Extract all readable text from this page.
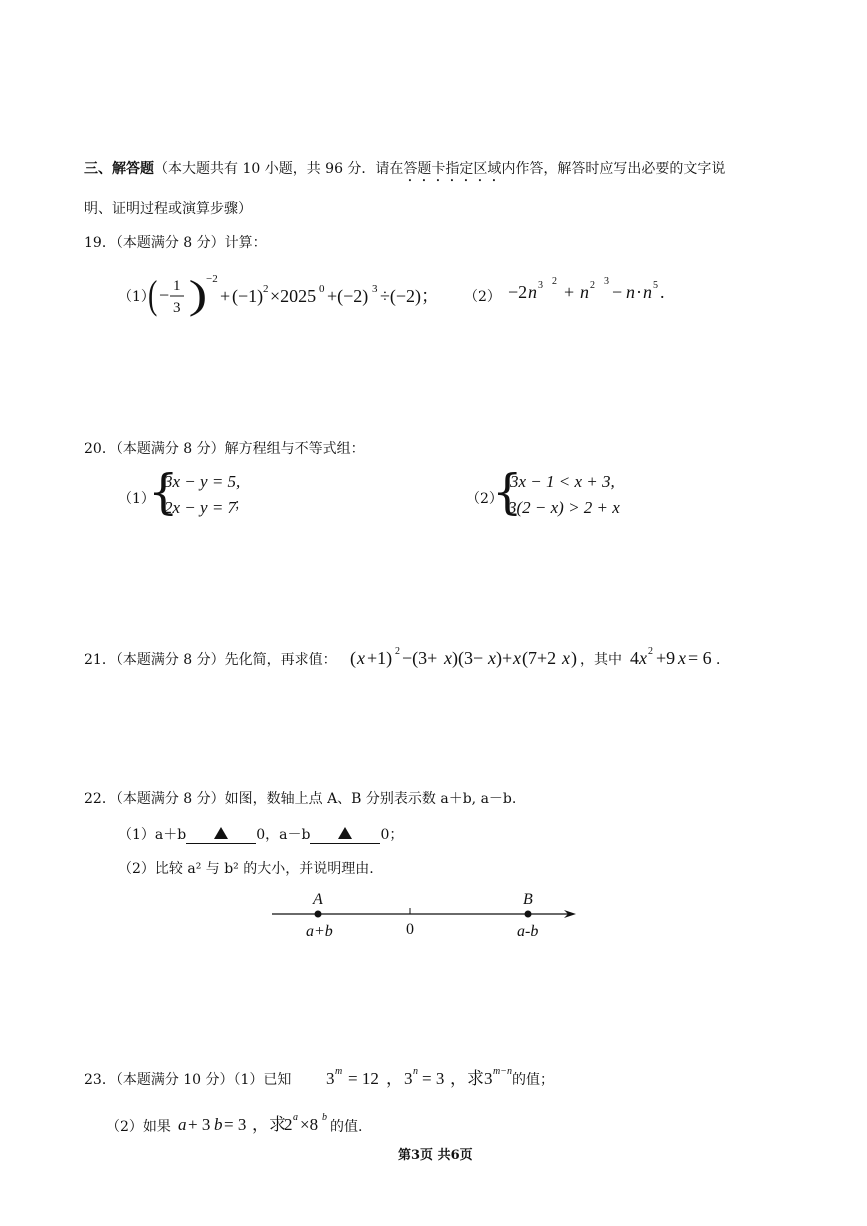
三、解答题（本大题共有 10 小题，共 96 分．请在答题卡指定区域内作答，解答时应写出必要的文字说
明、证明过程或演算步骤）
19．（本题满分 8 分）计算：
（1）
( − 1
3 )
−2
+ (−1) 2 ×2025 0 +(−2) 3 ÷(−2)； （2） −2 n 3 2
+ n 2 3
− n · n 5 .
20．（本题满分 8 分）解方程组与不等式组：
（1）
{
3x − y = 5,
2x − y = 7
；	（2）
{
3x − 1 < x + 3,
3(2 − x) > 2 + x
21．（本题满分 8 分）先化简，再求值： ( x +1) 2 −(3+ x )(3− x )+ x (7+2 x ) ，其中 4 x 2 +9 x = 6 ．
22．（本题满分 8 分）如图，数轴上点 A、B 分别表示数 a＋b, a－b.
（1）a＋b	0，a－b	0；
（2）比较 a² 与 b² 的大小，并说明理由.
A	B
a+b	0	a-b
23．（本题满分 10 分）（1）已知 3 m = 12 ， 3 n = 3 ，求 3 m−n
的值；
（2）如果 a + 3 b = 3 ，求
2 a ×8 b
的值.
第3页 共6页
